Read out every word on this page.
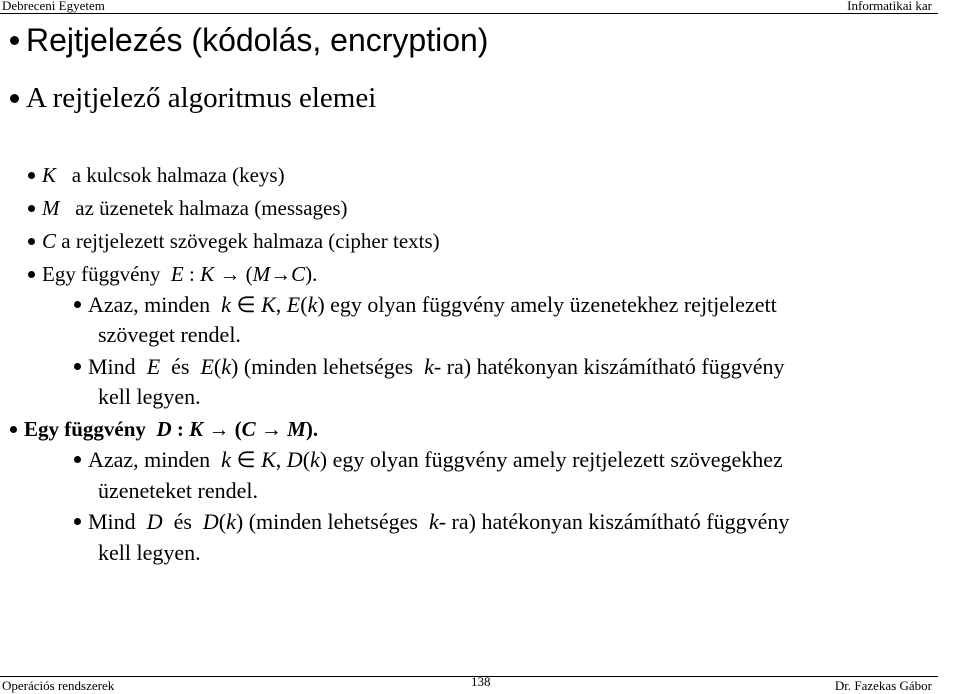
Debreceni Egyetem	Informatikai kar
Rejtjelezés (kódolás, encryption)
A rejtjelező algoritmus elemei
K a kulcsok halmaza (keys)
M az üzenetek halmaza (messages)
C a rejtjelezett szövegek halmaza (cipher texts)
Egy függvény E : K → (M→C).
Azaz, minden k ∈ K, E(k) egy olyan függvény amely üzenetekhez rejtjelezett
szöveget rendel.
Mind E és E(k) (minden lehetséges k- ra) hatékonyan kiszámítható függvény
kell legyen.
Egy függvény D : K → (C → M).
Azaz, minden k ∈ K, D(k) egy olyan függvény amely rejtjelezett szövegekhez
üzeneteket rendel.
Mind D és D(k) (minden lehetséges k- ra) hatékonyan kiszámítható függvény
kell legyen.
Operációs rendszerek	138	Dr. Fazekas Gábor
